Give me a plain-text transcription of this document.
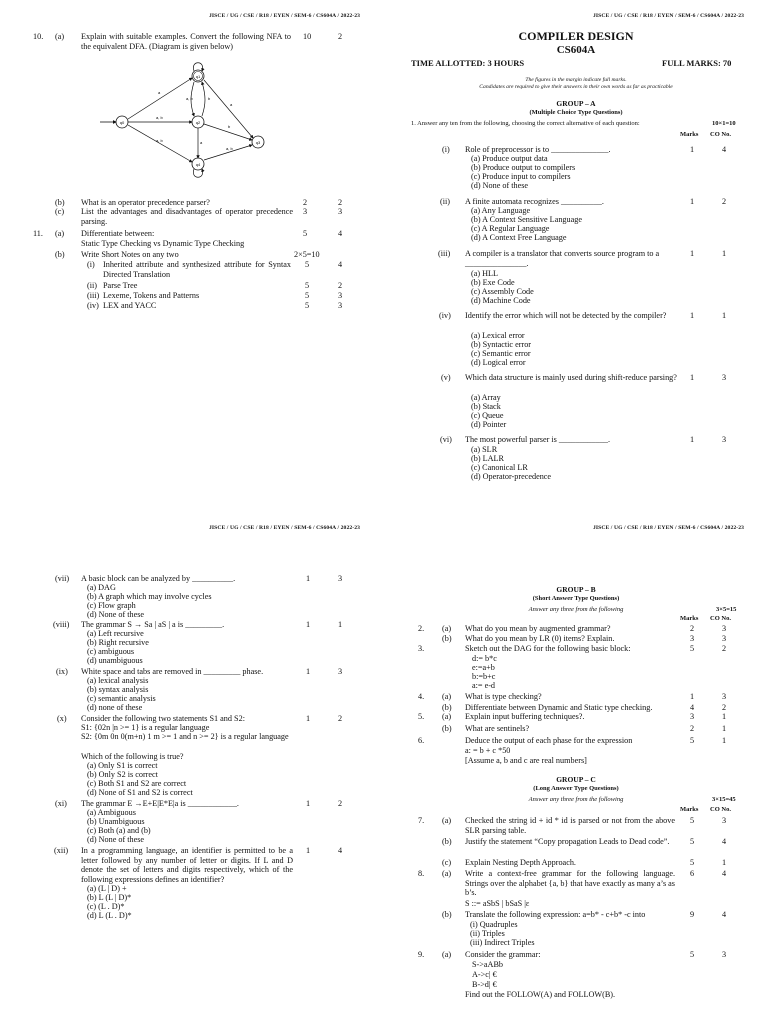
JISCE / UG / CSE / R18 / EYEN / SEM-6 / CS604A / 2022-23
10. (a) Explain with suitable examples. Convert the following NFA to the equivalent DFA. (Diagram is given below)
10	2
q0
q1
q2
q3
q4
a
a, b
a, b
b
a, b	a
b
a, b
a
(b) What is an operator precedence parser?	2	2
(c) List the advantages and disadvantages of operator precedence parsing.
3	3
11. (a) Differentiate between:	5	4
Static Type Checking vs Dynamic Type Checking
(b) Write Short Notes on any two	2×5=10
(i) Inherited attribute and synthesized attribute for Syntax Directed Translation
5	4
(ii) Parse Tree	5	2
(iii) Lexeme, Tokens and Patterns	5	3
(iv) LEX and YACC	5	3
JISCE / UG / CSE / R18 / EYEN / SEM-6 / CS604A / 2022-23
COMPILER DESIGN
CS604A
TIME ALLOTTED: 3 HOURS	FULL MARKS: 70
The figures in the margin indicate full marks.
Candidates are required to give their answers in their own words as far as practicable
GROUP – A
(Multiple Choice Type Questions)
1. Answer any ten from the following, choosing the correct alternative of each question:	10×1=10
Marks CO No.
(i) Role of preprocessor is to ______________.	1	4
(a) Produce output data
(b) Produce output to compilers
(c) Produce input to compilers
(d) None of these
(ii) A finite automata recognizes __________.	1	2
(a) Any Language
(b) A Context Sensitive Language
(c) A Regular Language
(d) A Context Free Language
(iii) A compiler is a translator that converts source program to a _______________.
1	1
(a) HLL
(b) Exe Code
(c) Assembly Code
(d) Machine Code
(iv) Identify the error which will not be detected by the compiler?	1	1
(a) Lexical error
(b) Syntactic error
(c) Semantic error
(d) Logical error
(v) Which data structure is mainly used during shift-reduce parsing? 1	3
(a) Array
(b) Stack
(c) Queue
(d) Pointer
(vi) The most powerful parser is ____________.	1	3
(a) SLR
(b) LALR
(c) Canonical LR
(d) Operator-precedence
JISCE / UG / CSE / R18 / EYEN / SEM-6 / CS604A / 2022-23
(vii) A basic block can be analyzed by __________.	1	3
(a) DAG
(b) A graph which may involve cycles
(c) Flow graph
(d) None of these
(viii) The grammar S → Sa | aS | a is _________.	1	1
(a) Left recursive
(b) Right recursive
(c) ambiguous
(d) unambiguous
(ix) White space and tabs are removed in _________ phase.	1	3
(a) lexical analysis
(b) syntax analysis
(c) semantic analysis
(d) none of these
(x) Consider the following two statements S1 and S2:	1	2
S1: {02n |n >= 1} is a regular language
S2: {0m 0n 0(m+n) 1 m >= 1 and n >= 2} is a regular language
Which of the following is true?
(a) Only S1 is correct
(b) Only S2 is correct
(c) Both S1 and S2 are correct
(d) None of S1 and S2 is correct
(xi) The grammar E →E+E|E*E|a is ____________.	1	2
(a) Ambiguous
(b) Unambiguous
(c) Both (a) and (b)
(d) None of these
(xii) In a programming language, an identifier is permitted to be a letter followed by any number of letter or digits. If L and D denote the set of letters and digits respectively, which of the following expressions defines an identifier?
1	4
(a) (L | D) +
(b) L (L | D)*
(c) (L . D)*
(d) L (L . D)*
JISCE / UG / CSE / R18 / EYEN / SEM-6 / CS604A / 2022-23
GROUP – B
(Short Answer Type Questions)
Answer any three from the following	3×5=15
Marks CO No.
2. (a) What do you mean by augmented grammar?	2	3
(b) What do you mean by LR (0) items? Explain.	3	3
3.	Sketch out the DAG for the following basic block:	5	2
d:= b*c
e:=a+b
b:=b+c
a:= e-d
4. (a) What is type checking?	1	3
(b) Differentiate between Dynamic and Static type checking.	4	2
5. (a) Explain input buffering techniques?.	3	1
(b) What are sentinels?	2	1
6.	Deduce the output of each phase for the expression	5	1
a: = b + c *50
[Assume a, b and c are real numbers]
GROUP – C
(Long Answer Type Questions)
Answer any three from the following	3×15=45
Marks CO No.
7. (a) Checked the string id + id * id is parsed or not from the above SLR parsing table.
5	3
(b) Justify the statement “Copy propagation Leads to Dead code”.	5	4
(c) Explain Nesting Depth Approach.	5	1
8. (a) Write a context-free grammar for the following language. Strings over the alphabet {a, b} that have exactly as many a’s as b’s.
6	4
S ::= aSbS | bSaS |ε
(b) Translate the following expression: a=b* - c+b* -c into	9	4
(i) Quadruples
(ii) Triples
(iii) Indirect Triples
9. (a) Consider the grammar:	5	3
S->aABb
A->c| €
B->d| €
Find out the FOLLOW(A) and FOLLOW(B).
